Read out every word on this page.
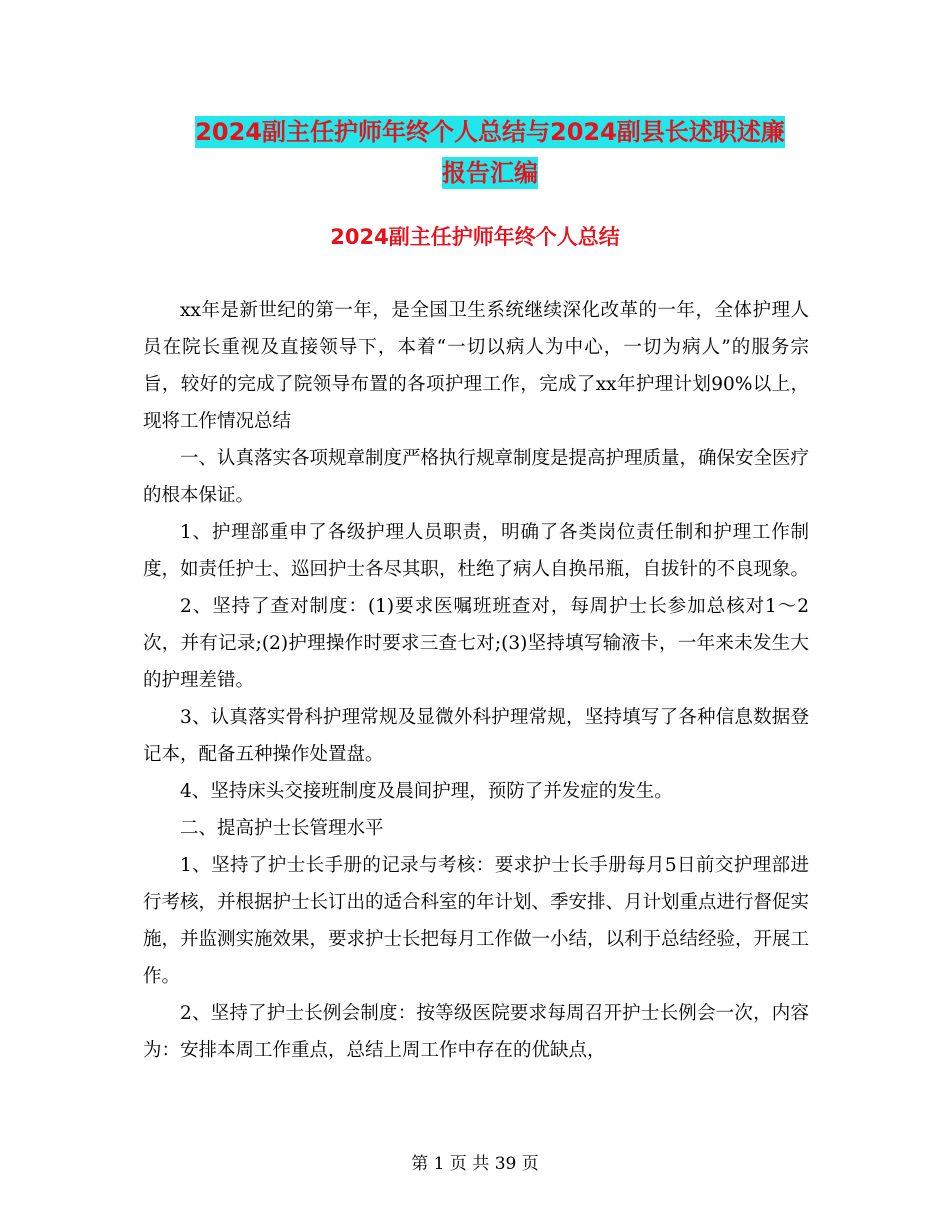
2024副主任护师年终个人总结与2024副县长述职述廉
报告汇编
2024副主任护师年终个人总结

xx年是新世纪的第一年，是全国卫生系统继续深化改革的一年，全体护理人员在院长重视及直接领导下，本着“一切以病人为中心，一切为病人”的服务宗旨，较好的完成了院领导布置的各项护理工作，完成了xx年护理计划90%以上，现将工作情况总结

一、认真落实各项规章制度严格执行规章制度是提高护理质量，确保安全医疗的根本保证。

1、护理部重申了各级护理人员职责，明确了各类岗位责任制和护理工作制度，如责任护士、巡回护士各尽其职，杜绝了病人自换吊瓶，自拔针的不良现象。

2、坚持了查对制度：(1)要求医嘱班班查对，每周护士长参加总核对1～2次，并有记录;(2)护理操作时要求三查七对;(3)坚持填写输液卡，一年来未发生大的护理差错。

3、认真落实骨科护理常规及显微外科护理常规，坚持填写了各种信息数据登记本，配备五种操作处置盘。

4、坚持床头交接班制度及晨间护理，预防了并发症的发生。

二、提高护士长管理水平

1、坚持了护士长手册的记录与考核：要求护士长手册每月5日前交护理部进行考核，并根据护士长订出的适合科室的年计划、季安排、月计划重点进行督促实施，并监测实施效果，要求护士长把每月工作做一小结，以利于总结经验，开展工作。

2、坚持了护士长例会制度：按等级医院要求每周召开护士长例会一次，内容为：安排本周工作重点，总结上周工作中存在的优缺点，

第 1 页 共 39 页
